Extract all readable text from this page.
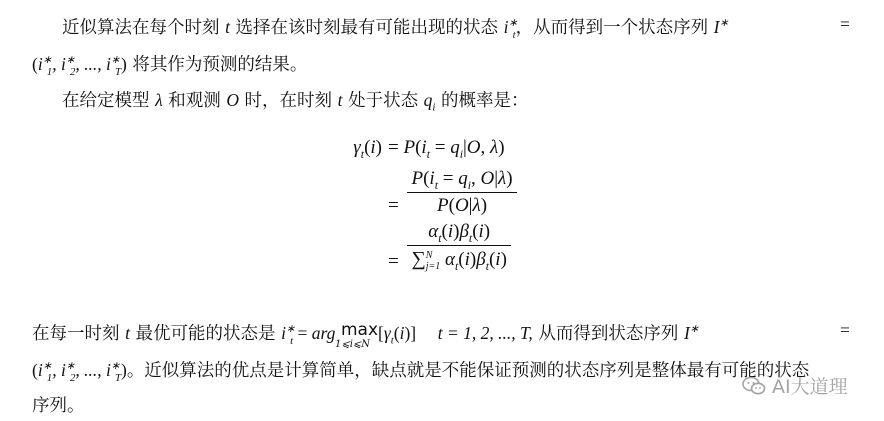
近似算法在每个时刻 t 选择在该时刻最有可能出现的状态 $i^∗_t$，从而得到一个状态序列 I∗	=
($i^∗_1$, $i^∗_2$, ..., $i^∗_T$) 将其作为预测的结果。
在给定模型 λ 和观测 O 时，在时刻 t 处于状态 $q_i$ 的概率是：
$\gamma_t(i) = P(i_t = q_i|O$, λ)
= $\frac{P(i_t = q_i, O|\lambda)}{P(O|\lambda)}$
=
$\alpha_t(i)\beta_t(i)$
∑N
j=1 $\alpha_t(i)\beta_t(i)$
在每一时刻 t 最优可能的状态是 $i^∗_t$ = arg max
1⩽i⩽N
$[\gamma_t(i)] t = 1$, 2, ..., T, 从而得到状态序列 I∗	=
($i^∗_1$, $i^∗_2$, ..., $i^∗_T$)。近似算法的优点是计算简单，缺点就是不能保证预测的状态序列是整体最有可能的状态
序列。
AI大道理
